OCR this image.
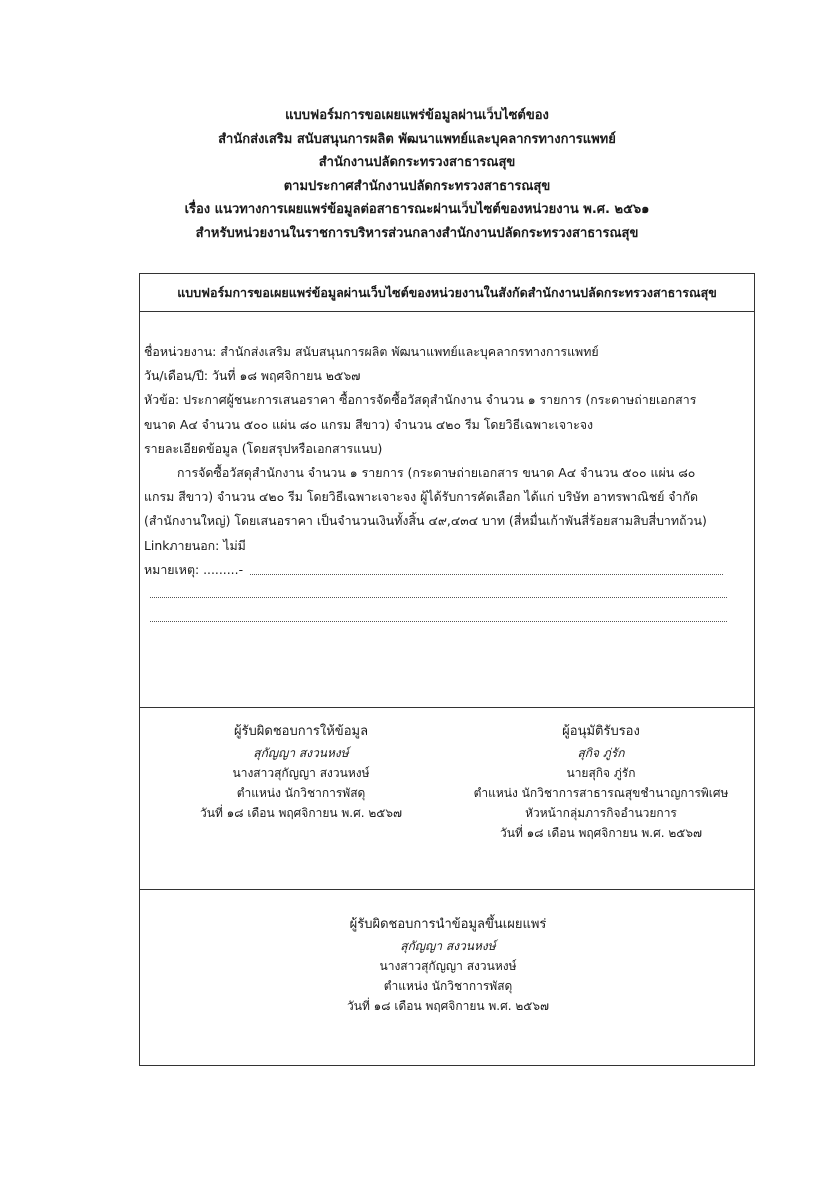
แบบฟอร์มการขอเผยแพร่ข้อมูลผ่านเว็บไซต์ของ
สำนักส่งเสริม สนับสนุนการผลิต พัฒนาแพทย์และบุคลากรทางการแพทย์
สำนักงานปลัดกระทรวงสาธารณสุข
ตามประกาศสำนักงานปลัดกระทรวงสาธารณสุข
เรื่อง แนวทางการเผยแพร่ข้อมูลต่อสาธารณะผ่านเว็บไซต์ของหน่วยงาน พ.ศ. ๒๕๖๑
สำหรับหน่วยงานในราชการบริหารส่วนกลางสำนักงานปลัดกระทรวงสาธารณสุข
แบบฟอร์มการขอเผยแพร่ข้อมูลผ่านเว็บไซต์ของหน่วยงานในสังกัดสำนักงานปลัดกระทรวงสาธารณสุข
ชื่อหน่วยงาน: สำนักส่งเสริม สนับสนุนการผลิต พัฒนาแพทย์และบุคลากรทางการแพทย์
วัน/เดือน/ปี: วันที่ ๑๘ พฤศจิกายน ๒๕๖๗
หัวข้อ: ประกาศผู้ชนะการเสนอราคา ซื้อการจัดซื้อวัสดุสำนักงาน จำนวน ๑ รายการ (กระดาษถ่ายเอกสาร
ขนาด A๔ จำนวน ๕๐๐ แผ่น ๘๐ แกรม สีขาว) จำนวน ๔๒๐ รีม โดยวิธีเฉพาะเจาะจง
รายละเอียดข้อมูล (โดยสรุปหรือเอกสารแนบ)
การจัดซื้อวัสดุสำนักงาน จำนวน ๑ รายการ (กระดาษถ่ายเอกสาร ขนาด A๔ จำนวน ๕๐๐ แผ่น ๘๐
แกรม สีขาว) จำนวน ๔๒๐ รีม โดยวิธีเฉพาะเจาะจง ผู้ได้รับการคัดเลือก ได้แก่ บริษัท อาทรพาณิชย์ จำกัด
(สำนักงานใหญ่) โดยเสนอราคา เป็นจำนวนเงินทั้งสิ้น ๔๙,๔๓๔ บาท (สี่หมื่นเก้าพันสี่ร้อยสามสิบสี่บาทถ้วน)
Linkภายนอก: ไม่มี
หมายเหตุ: .........-
ผู้รับผิดชอบการให้ข้อมูล
สุกัญญา สงวนหงษ์
นางสาวสุกัญญา สงวนหงษ์
ตำแหน่ง นักวิชาการพัสดุ
วันที่ ๑๘ เดือน พฤศจิกายน พ.ศ. ๒๕๖๗
ผู้อนุมัติรับรอง
สุกิจ ภู่รัก
นายสุกิจ ภู่รัก
ตำแหน่ง นักวิชาการสาธารณสุขชำนาญการพิเศษ
หัวหน้ากลุ่มภารกิจอำนวยการ
วันที่ ๑๘ เดือน พฤศจิกายน พ.ศ. ๒๕๖๗
ผู้รับผิดชอบการนำข้อมูลขึ้นเผยแพร่
สุกัญญา สงวนหงษ์
นางสาวสุกัญญา สงวนหงษ์
ตำแหน่ง นักวิชาการพัสดุ
วันที่ ๑๘ เดือน พฤศจิกายน พ.ศ. ๒๕๖๗
